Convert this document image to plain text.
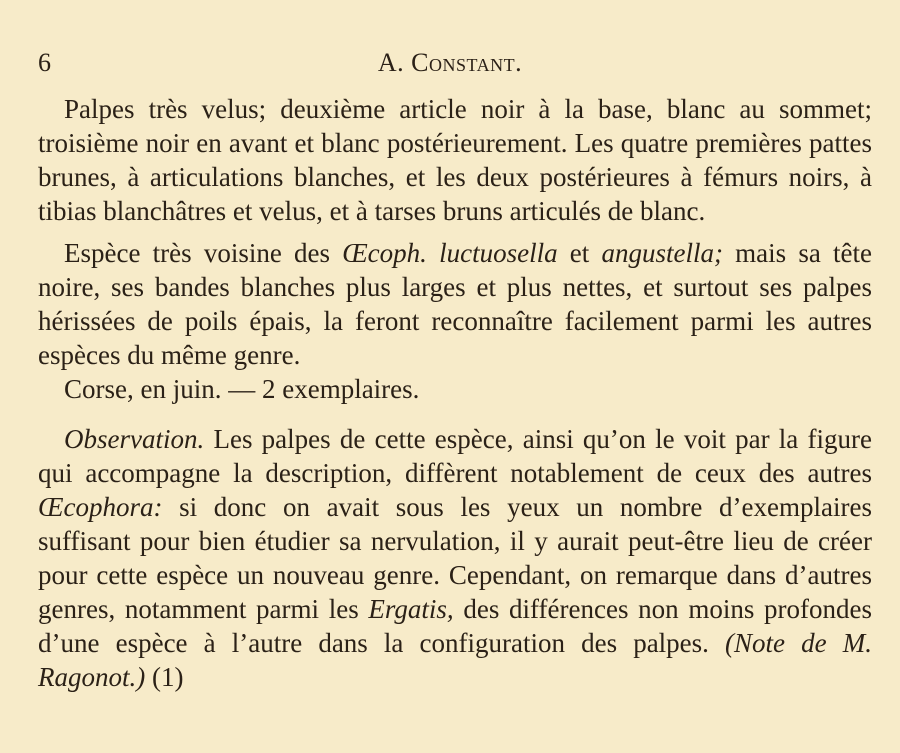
6	A. Constant.

Palpes très velus; deuxième article noir à la base, blanc au sommet; troisième noir en avant et blanc postérieurement. Les quatre premières pattes brunes, à articulations blanches, et les deux postérieures à fémurs noirs, à tibias blanchâtres et velus, et à tarses bruns articulés de blanc.

Espèce très voisine des Œcoph. luctuosella et angustella; mais sa tête noire, ses bandes blanches plus larges et plus nettes, et surtout ses palpes hérissées de poils épais, la feront reconnaître facilement parmi les autres espèces du même genre.

Corse, en juin. — 2 exemplaires.

Observation. Les palpes de cette espèce, ainsi qu’on le voit par la figure qui accompagne la description, diffèrent notablement de ceux des autres Œcophora: si donc on avait sous les yeux un nombre d’exemplaires suffisant pour bien étudier sa nervulation, il y aurait peut-être lieu de créer pour cette espèce un nouveau genre. Cependant, on remarque dans d’autres genres, notamment parmi les Ergatis, des différences non moins profondes d’une espèce à l’autre dans la configuration des palpes. (Note de M. Ragonot.) (1)
